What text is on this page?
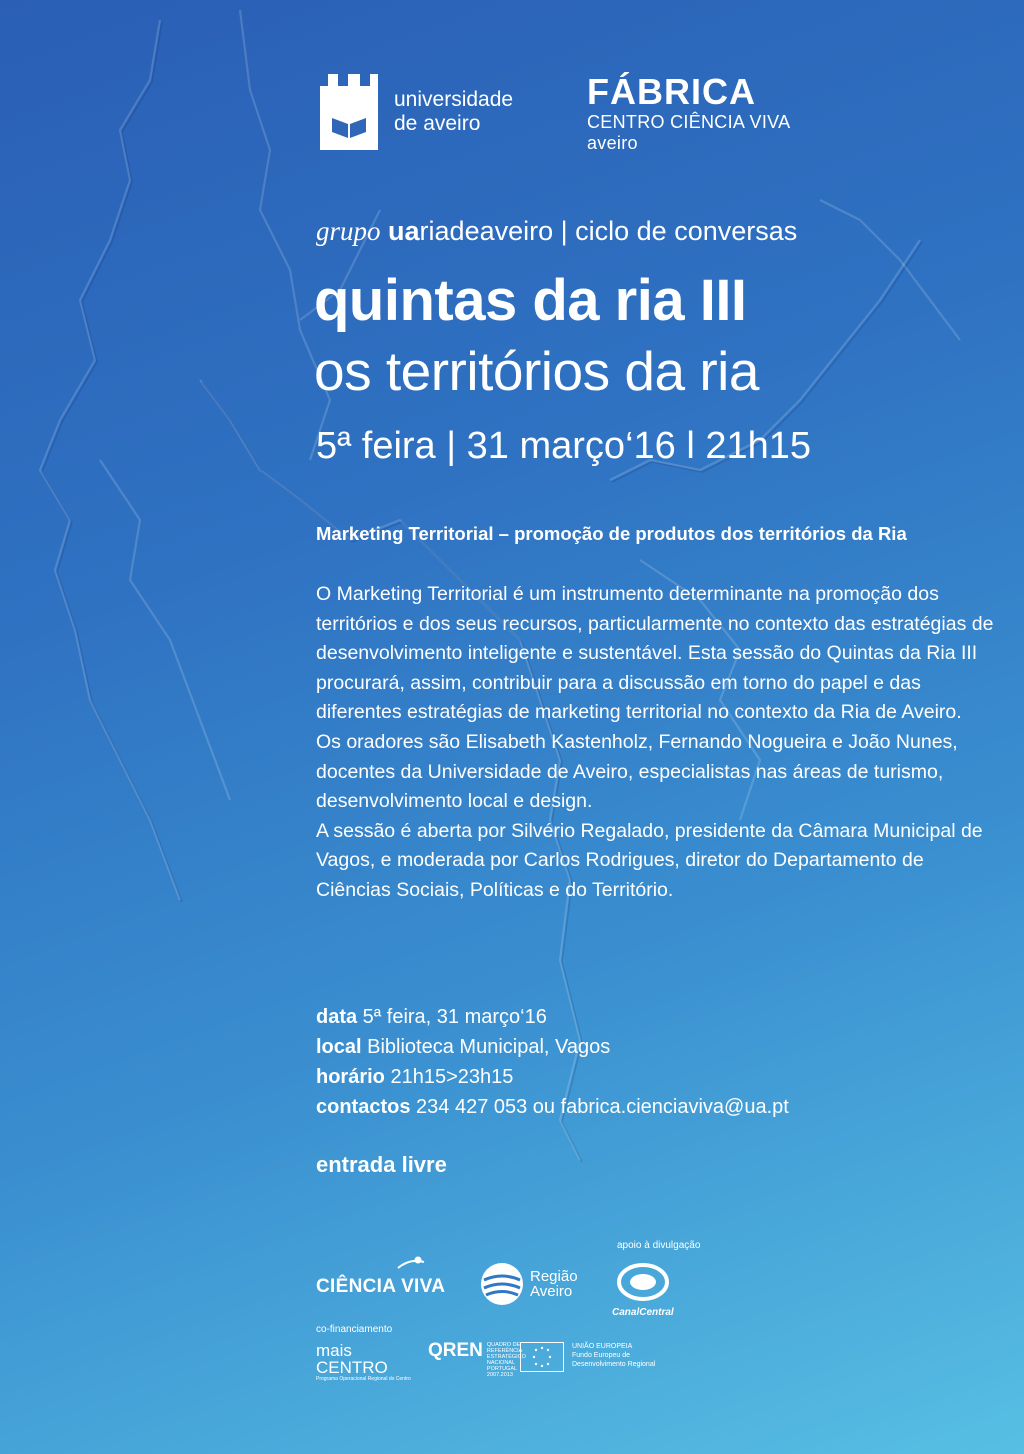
universidade
de aveiro
FÁBRICA
CENTRO CIÊNCIA VIVA
aveiro
grupo uariadeaveiro | ciclo de conversas
quintas da ria III
os territórios da ria
5ª feira | 31 março‘16 l 21h15
Marketing Territorial – promoção de produtos dos territórios da Ria

O Marketing Territorial é um instrumento determinante na promoção dos territórios e dos seus recursos, particularmente no contexto das estratégias de desenvolvimento inteligente e sustentável. Esta sessão do Quintas da Ria III procurará, assim, contribuir para a discussão em torno do papel e das diferentes estratégias de marketing territorial no contexto da Ria de Aveiro.

Os oradores são Elisabeth Kastenholz, Fernando Nogueira e João Nunes, docentes da Universidade de Aveiro, especialistas nas áreas de turismo, desenvolvimento local e design.

A sessão é aberta por Silvério Regalado, presidente da Câmara Municipal de Vagos, e moderada por Carlos Rodrigues, diretor do Departamento de Ciências Sociais, Políticas e do Território.

data 5ª feira, 31 março‘16
local Biblioteca Municipal, Vagos
horário 21h15>23h15
contactos 234 427 053 ou fabrica.cienciaviva@ua.pt
entrada livre
apoio à divulgação
CIÊNCIA VIVA	Região
Aveiro
CanalCentral
co-financiamento
mais
CENTRO
Programa Operacional Regional do Centro
QREN QUADRO DE REFERÊNCIA ESTRATÉGICO NACIONAL PORTUGAL 2007.2013
UNIÃO EUROPEIA
Fundo Europeu de
Desenvolvimento Regional
